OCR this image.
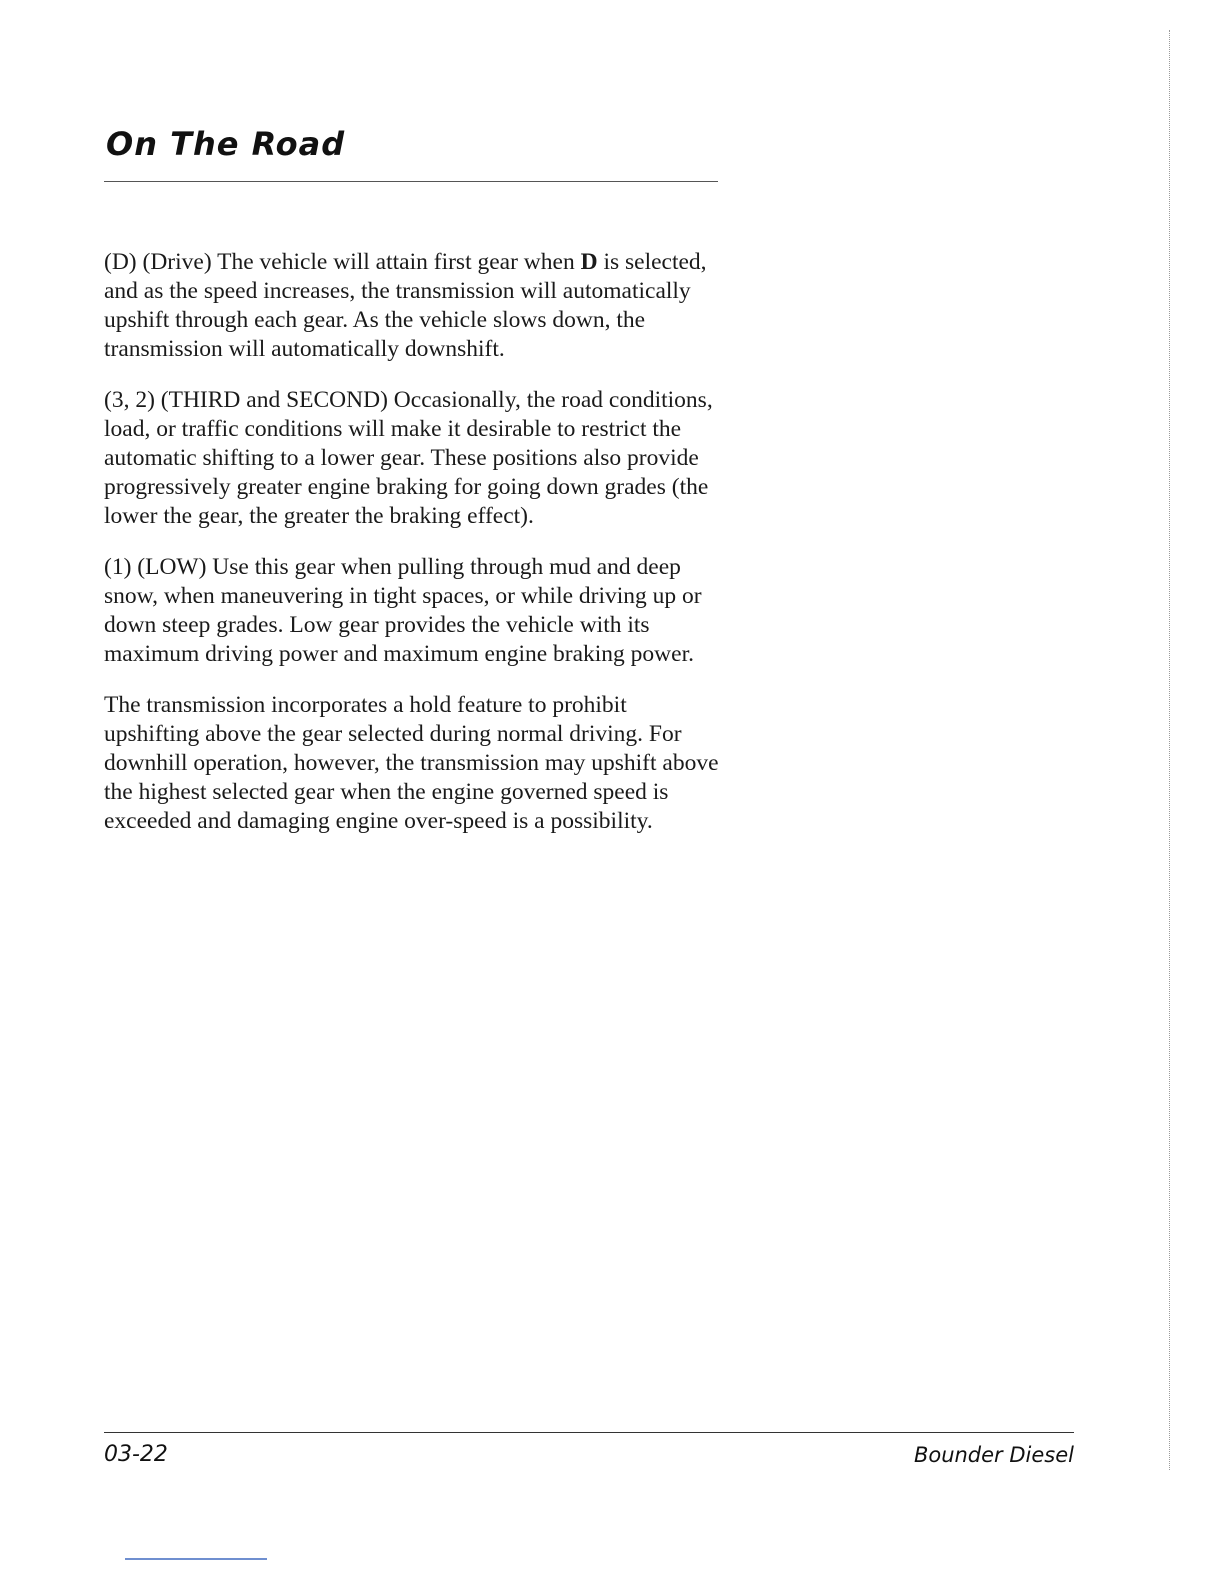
On The Road

(D) (Drive) The vehicle will attain first gear when D is selected, and as the speed increases, the transmission will automatically upshift through each gear. As the vehicle slows down, the transmission will automatically downshift.

(3, 2) (THIRD and SECOND) Occasionally, the road conditions, load, or traffic conditions will make it desirable to restrict the automatic shifting to a lower gear. These positions also provide progressively greater engine braking for going down grades (the lower the gear, the greater the braking effect).

(1) (LOW) Use this gear when pulling through mud and deep snow, when maneuvering in tight spaces, or while driving up or down steep grades. Low gear provides the vehicle with its maximum driving power and maximum engine braking power.

The transmission incorporates a hold feature to prohibit upshifting above the gear selected during normal driving. For downhill operation, however, the transmission may upshift above the highest selected gear when the engine governed speed is exceeded and damaging engine over-speed is a possibility.

03-22	Bounder Diesel
